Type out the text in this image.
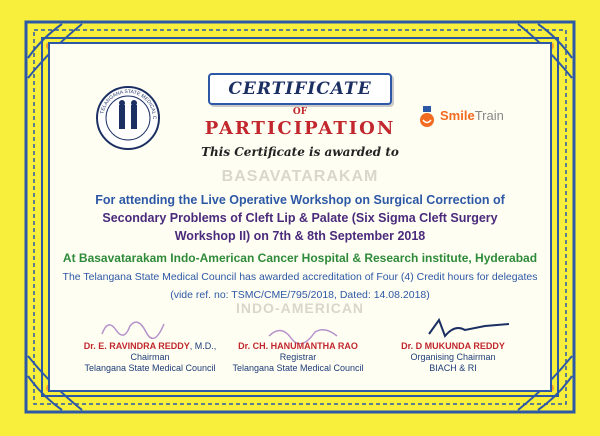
TELANGANA STATE MEDICAL C
CERTIFICATE
OF
PARTICIPATION
This Certificate is awarded to
SmileTrain
BASAVATARAKAM
INDO-AMERICAN
For attending the Live Operative Workshop on Surgical Correction of
Secondary Problems of Cleft Lip & Palate (Six Sigma Cleft Surgery
Workshop II) on 7th & 8th September 2018
At Basavatarakam Indo-American Cancer Hospital & Research institute, Hyderabad
The Telangana State Medical Council has awarded accreditation of Four (4) Credit hours for delegates
(vide ref. no: TSMC/CME/795/2018, Dated: 14.08.2018)
Dr. E. RAVINDRA REDDY, M.D.,
Chairman
Telangana State Medical Council
Dr. CH. HANUMANTHA RAO
Registrar
Telangana State Medical Council
Dr. D MUKUNDA REDDY
Organising Chairman
BIACH & RI
